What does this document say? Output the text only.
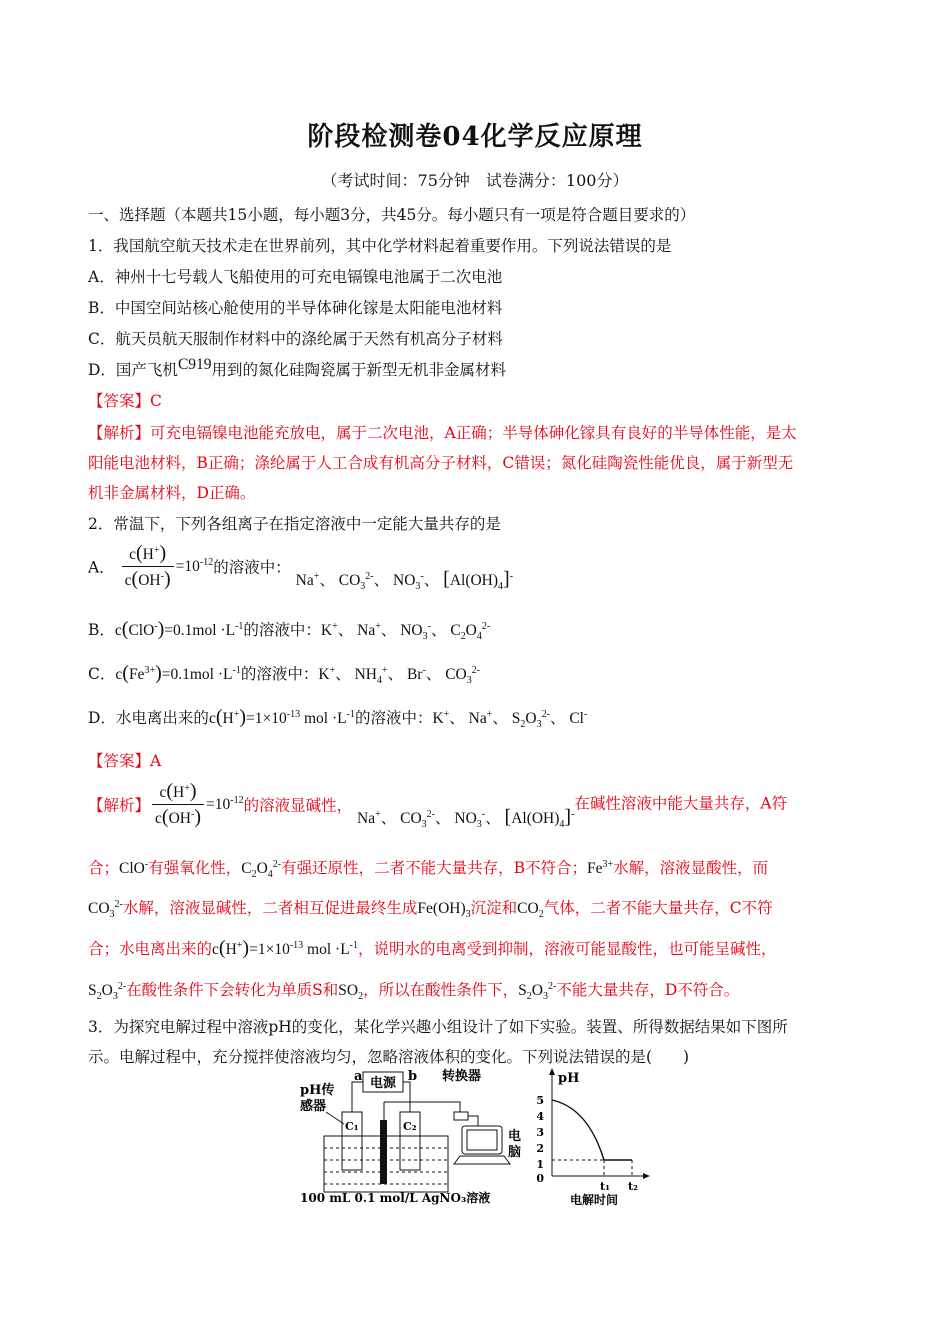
阶段检测卷04化学反应原理
（考试时间：75分钟　试卷满分：100分）
一、选择题（本题共15小题，每小题3分，共45分。每小题只有一项是符合题目要求的）
1．我国航空航天技术走在世界前列，其中化学材料起着重要作用。下列说法错误的是
A．神州十七号载人飞船使用的可充电镉镍电池属于二次电池
B．中国空间站核心舱使用的半导体砷化镓是太阳能电池材料
C．航天员航天服制作材料中的涤纶属于天然有机高分子材料
D．国产飞机C919用到的氮化硅陶瓷属于新型无机非金属材料
【答案】C
【解析】可充电镉镍电池能充放电，属于二次电池，A正确；半导体砷化镓具有良好的半导体性能，是太
阳能电池材料，B正确；涤纶属于人工合成有机高分子材料，C错误；氮化硅陶瓷性能优良，属于新型无
机非金属材料，D正确。
2．常温下，下列各组离子在指定溶液中一定能大量共存的是
A． $\frac{c(H^+)}{c(OH^-)} =10^{-12}$的溶液中： Na+、 $CO_3^{2-}$、 $NO_3^-$、 $[Al(OH)_4]^-$
B．$c(ClO^-)=0.1mol \cdot L^{-1}$的溶液中：K+、 Na+、 $NO_3^-$、 $C_2O_4^{2-}$
C．$c(Fe^{3+})=0.1mol \cdot L^{-1}$的溶液中：K+、 $NH_4^+$、 Br-、 $CO_3^{2-}$
D．水电离出来的$c(H^+)=1\times 10^{-13}$ mol $\cdot L^{-1}$的溶液中：K+、 Na+、 $S_2O_3^{2-}$、 Cl-
【答案】A
【解析】 $\frac{c(H^+)}{c(OH^-)} =10^{-12}$的溶液显碱性， Na+、 $CO_3^{2-}$、 $NO_3^-$、 $[Al(OH)_4]^-$在碱性溶液中能大量共存，A符
合；ClO-有强氧化性，$C_2O_4^{2-}$有强还原性，二者不能大量共存，B不符合；$Fe^{3+}$水解，溶液显酸性，而
$CO_3^{2-}$水解，溶液显碱性，二者相互促进最终生成$Fe(OH)_3$沉淀和$CO_2$气体，二者不能大量共存，C不符
合；水电离出来的$c(H^+)=1\times 10^{-13}$ mol $\cdot L^{-1}$，说明水的电离受到抑制，溶液可能显酸性，也可能呈碱性，
$S_2O_3^{2-}$在酸性条件下会转化为单质S和$SO_2$，所以在酸性条件下，$S_2O_3^{2-}$不能大量共存，D不符合。
3．为探究电解过程中溶液pH的变化，某化学兴趣小组设计了如下实验。装置、所得数据结果如下图所
示。电解过程中，充分搅拌使溶液均匀，忽略溶液体积的变化。下列说法错误的是(　　)
电源
a	b
pH传
感器
C₁	C₂
转换器
电
脑
100 mL 0.1 mol/L AgNO₃溶液
pH
5
4
3
2
1
0
t₁ t₂
电解时间
